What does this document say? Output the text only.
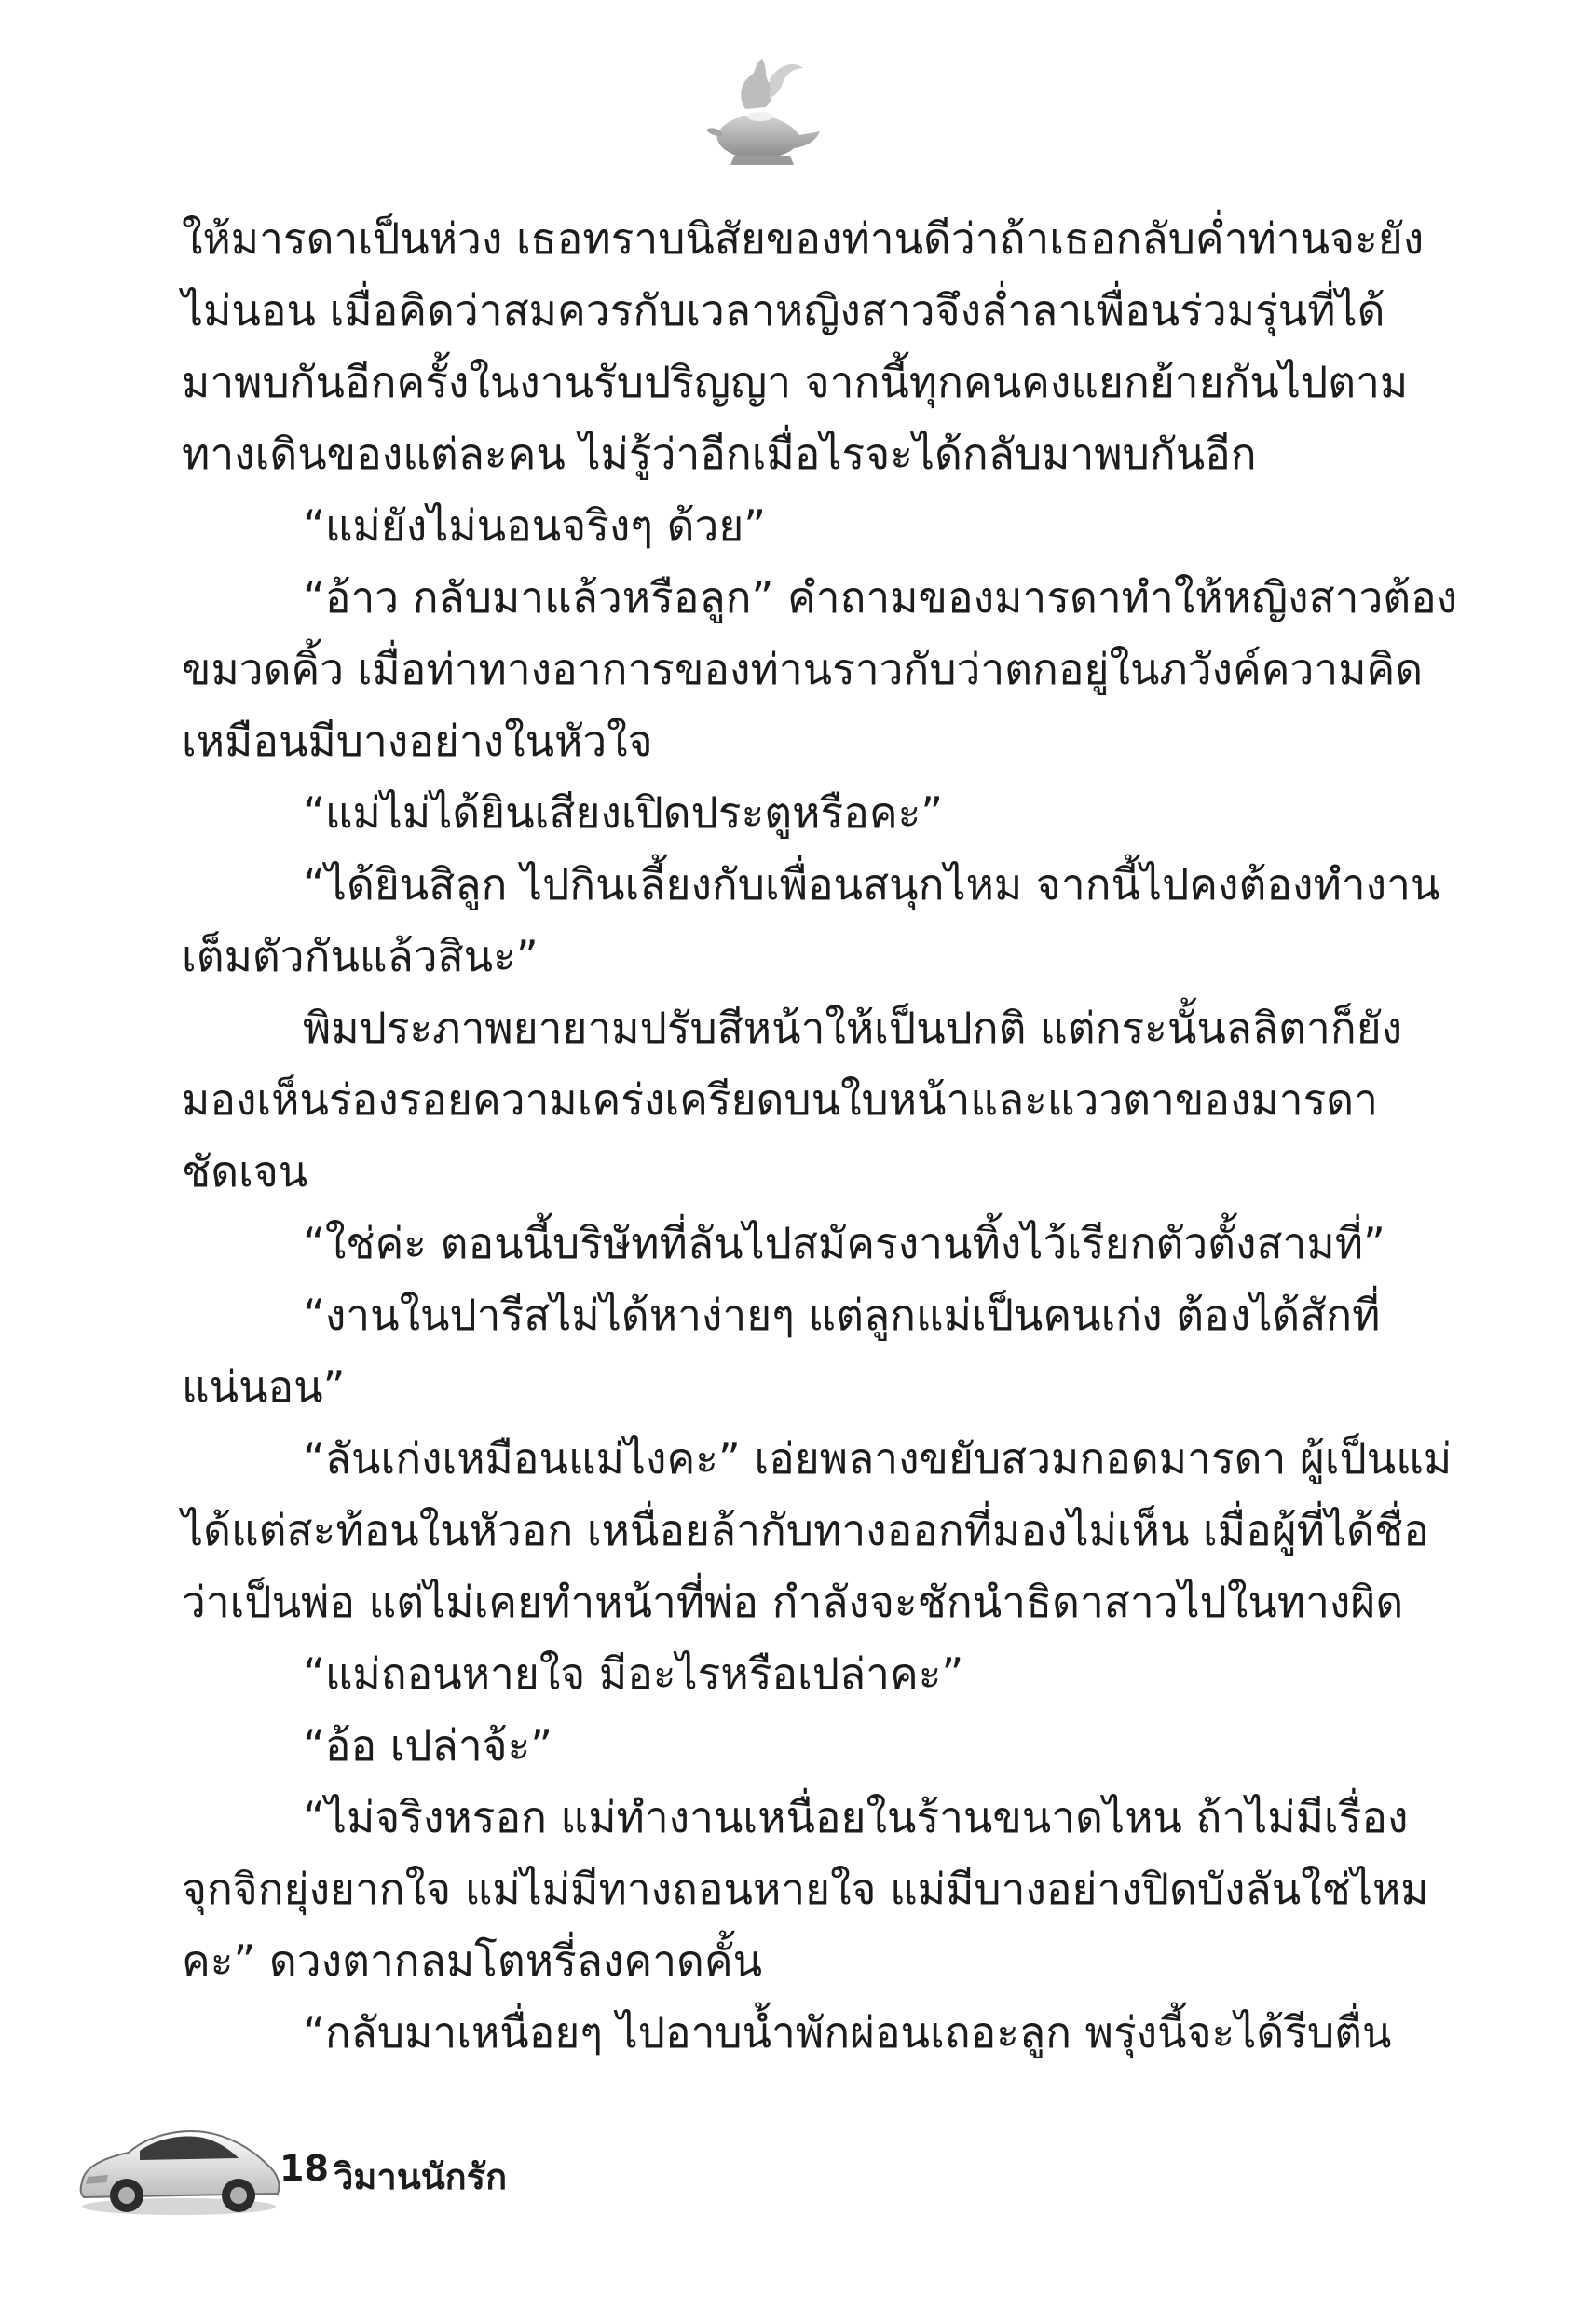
ให้มารดาเป็นห่วง เธอทราบนิสัยของท่านดีว่าถ้าเธอกลับค่ำท่านจะยัง
ไม่นอน เมื่อคิดว่าสมควรกับเวลาหญิงสาวจึงล่ำลาเพื่อนร่วมรุ่นที่ได้
มาพบกันอีกครั้งในงานรับปริญญา จากนี้ทุกคนคงแยกย้ายกันไปตาม
ทางเดินของแต่ละคน ไม่รู้ว่าอีกเมื่อไรจะได้กลับมาพบกันอีก
“แม่ยังไม่นอนจริงๆ ด้วย”
“อ้าว กลับมาแล้วหรือลูก” คำถามของมารดาทำให้หญิงสาวต้อง
ขมวดคิ้ว เมื่อท่าทางอาการของท่านราวกับว่าตกอยู่ในภวังค์ความคิด
เหมือนมีบางอย่างในหัวใจ
“แม่ไม่ได้ยินเสียงเปิดประตูหรือคะ”
“ได้ยินสิลูก ไปกินเลี้ยงกับเพื่อนสนุกไหม จากนี้ไปคงต้องทำงาน
เต็มตัวกันแล้วสินะ”
พิมประภาพยายามปรับสีหน้าให้เป็นปกติ แต่กระนั้นลลิตาก็ยัง
มองเห็นร่องรอยความเคร่งเครียดบนใบหน้าและแววตาของมารดา
ชัดเจน
“ใช่ค่ะ ตอนนี้บริษัทที่ลันไปสมัครงานทิ้งไว้เรียกตัวตั้งสามที่”
“งานในปารีสไม่ได้หาง่ายๆ แต่ลูกแม่เป็นคนเก่ง ต้องได้สักที่
แน่นอน”
“ลันเก่งเหมือนแม่ไงคะ” เอ่ยพลางขยับสวมกอดมารดา ผู้เป็นแม่
ได้แต่สะท้อนในหัวอก เหนื่อยล้ากับทางออกที่มองไม่เห็น เมื่อผู้ที่ได้ชื่อ
ว่าเป็นพ่อ แต่ไม่เคยทำหน้าที่พ่อ กำลังจะชักนำธิดาสาวไปในทางผิด
“แม่ถอนหายใจ มีอะไรหรือเปล่าคะ”
“อ้อ เปล่าจ้ะ”
“ไม่จริงหรอก แม่ทำงานเหนื่อยในร้านขนาดไหน ถ้าไม่มีเรื่อง
จุกจิกยุ่งยากใจ แม่ไม่มีทางถอนหายใจ แม่มีบางอย่างปิดบังลันใช่ไหม
คะ” ดวงตากลมโตหรี่ลงคาดคั้น
“กลับมาเหนื่อยๆ ไปอาบน้ำพักผ่อนเถอะลูก พรุ่งนี้จะได้รีบตื่น
18 วิมานนักรัก
